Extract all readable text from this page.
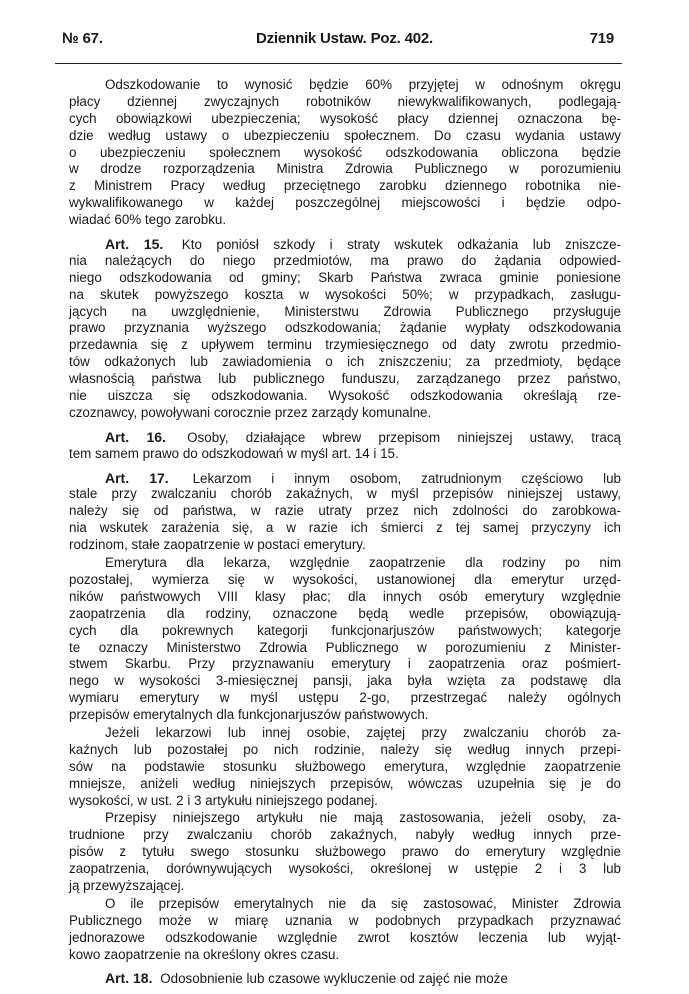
№ 67.	Dziennik Ustaw. Poz. 402.	719
Odszkodowanie to wynosić będzie 60% przyjętej w odnośnym okręgu
płacy dziennej zwyczajnych robotników niewykwalifikowanych, podlegają-
cych obowiązkowi ubezpieczenia; wysokość płacy dziennej oznaczona bę-
dzie według ustawy o ubezpieczeniu społecznem. Do czasu wydania ustawy
o ubezpieczeniu społecznem wysokość odszkodowania obliczona będzie
w drodze rozporządzenia Ministra Zdrowia Publicznego w porozumieniu
z Ministrem Pracy według przeciętnego zarobku dziennego robotnika nie-
wykwalifikowanego w każdej poszczególnej miejscowości i będzie odpo-
wiadać 60% tego zarobku.
Art. 15. Kto poniósł szkody i straty wskutek odkażania lub zniszcze-
nia należących do niego przedmiotów, ma prawo do żądania odpowied-
niego odszkodowania od gminy; Skarb Państwa zwraca gminie poniesione
na skutek powyższego koszta w wysokości 50%; w przypadkach, zasługu-
jących na uwzględnienie, Ministerstwu Zdrowia Publicznego przysługuje
prawo przyznania wyższego odszkodowania; żądanie wypłaty odszkodowania
przedawnia się z upływem terminu trzymiesięcznego od daty zwrotu przedmio-
tów odkażonych lub zawiadomienia o ich zniszczeniu; za przedmioty, będące
własnością państwa lub publicznego funduszu, zarządzanego przez państwo,
nie uiszcza się odszkodowania. Wysokość odszkodowania określają rze-
czoznawcy, powoływani corocznie przez zarządy komunalne.
Art. 16. Osoby, działające wbrew przepisom niniejszej ustawy, tracą
tem samem prawo do odszkodowań w myśl art. 14 i 15.
Art. 17. Lekarzom i innym osobom, zatrudnionym częściowo lub
stale przy zwalczaniu chorób zakaźnych, w myśl przepisów niniejszej ustawy,
należy się od państwa, w razie utraty przez nich zdolności do zarobkowa-
nia wskutek zarażenia się, a w razie ich śmierci z tej samej przyczyny ich
rodzinom, stałe zaopatrzenie w postaci emerytury.
Emerytura dla lekarza, względnie zaopatrzenie dla rodziny po nim
pozostałej, wymierza się w wysokości, ustanowionej dla emerytur urzęd-
ników państwowych VIII klasy płac; dla innych osób emerytury względnie
zaopatrzenia dla rodziny, oznaczone będą wedle przepisów, obowiązują-
cych dla pokrewnych kategorji funkcjonarjuszów państwowych; kategorje
te oznaczy Ministerstwo Zdrowia Publicznego w porozumieniu z Minister-
stwem Skarbu. Przy przyznawaniu emerytury i zaopatrzenia oraz pośmiert-
nego w wysokości 3-miesięcznej pansji, jaka była wzięta za podstawę dla
wymiaru emerytury w myśl ustępu 2-go, przestrzegać należy ogólnych
przepisów emerytalnych dla funkcjonarjuszów państwowych.
Jeżeli lekarzowi lub innej osobie, zajętej przy zwalczaniu chorób za-
kaźnych lub pozostałej po nich rodzinie, należy się według innych przepi-
sów na podstawie stosunku służbowego emerytura, względnie zaopatrzenie
mniejsze, aniżeli według niniejszych przepisów, wówczas uzupełnia się je do
wysokości, w ust. 2 i 3 artykułu niniejszego podanej.
Przepisy niniejszego artykułu nie mają zastosowania, jeżeli osoby, za-
trudnione przy zwalczaniu chorób zakaźnych, nabyły według innych prze-
pisów z tytułu swego stosunku służbowego prawo do emerytury względnie
zaopatrzenia, dorównywujących wysokości, określonej w ustępie 2 i 3 lub
ją przewyższającej.
O ile przepisów emerytalnych nie da się zastosować, Minister Zdrowia
Publicznego może w miarę uznania w podobnych przypadkach przyznawać
jednorazowe odszkodowanie względnie zwrot kosztów leczenia lub wyjąt-
kowo zaopatrzenie na określony okres czasu.
Art. 18. Odosobnienie lub czasowe wykluczenie od zajęć nie może
